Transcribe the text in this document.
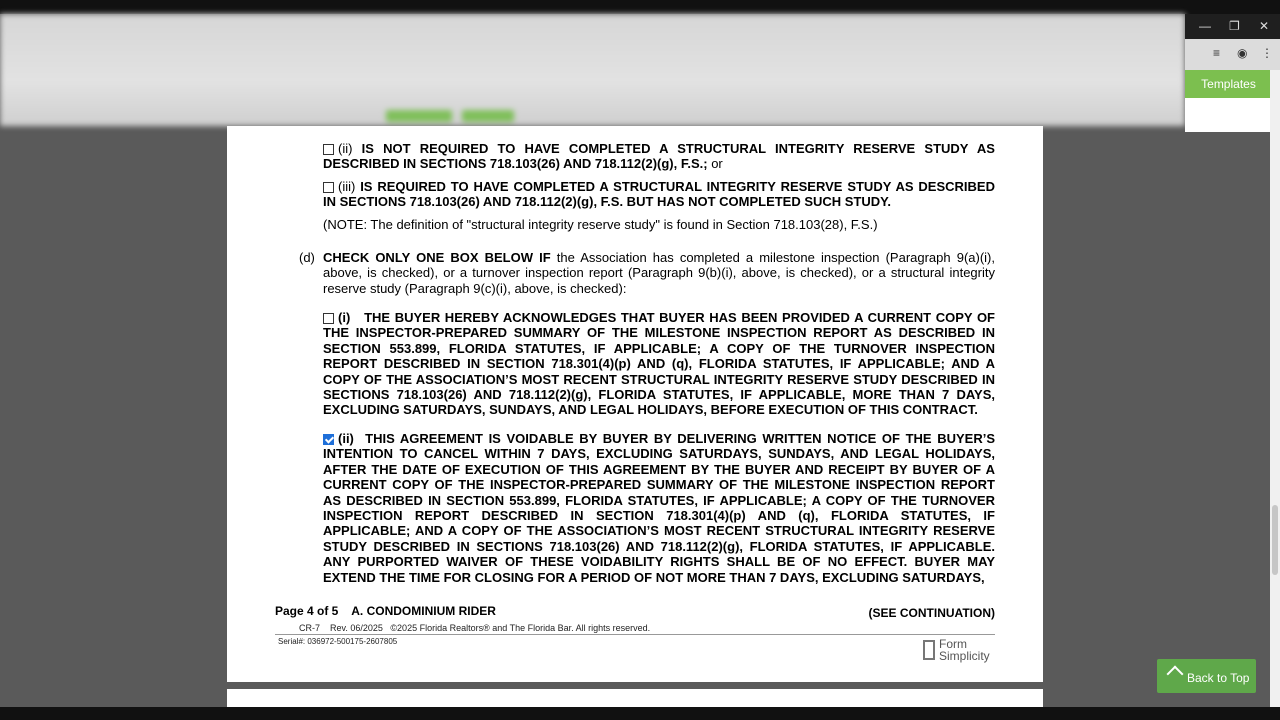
— ❐ ✕
≡ ◉ ⋮
Templates
(ii) IS NOT REQUIRED TO HAVE COMPLETED A STRUCTURAL INTEGRITY RESERVE STUDY AS DESCRIBED IN SECTIONS 718.103(26) AND 718.112(2)(g), F.S.; or
(iii) IS REQUIRED TO HAVE COMPLETED A STRUCTURAL INTEGRITY RESERVE STUDY AS DESCRIBED IN SECTIONS 718.103(26) AND 718.112(2)(g), F.S. BUT HAS NOT COMPLETED SUCH STUDY.
(NOTE: The definition of "structural integrity reserve study" is found in Section 718.103(28), F.S.)
(d) CHECK ONLY ONE BOX BELOW IF the Association has completed a milestone inspection (Paragraph 9(a)(i), above, is checked), or a turnover inspection report (Paragraph 9(b)(i), above, is checked), or a structural integrity reserve study (Paragraph 9(c)(i), above, is checked):
(i) THE BUYER HEREBY ACKNOWLEDGES THAT BUYER HAS BEEN PROVIDED A CURRENT COPY OF THE INSPECTOR-PREPARED SUMMARY OF THE MILESTONE INSPECTION REPORT AS DESCRIBED IN SECTION 553.899, FLORIDA STATUTES, IF APPLICABLE; A COPY OF THE TURNOVER INSPECTION REPORT DESCRIBED IN SECTION 718.301(4)(p) AND (q), FLORIDA STATUTES, IF APPLICABLE; AND A COPY OF THE ASSOCIATION’S MOST RECENT STRUCTURAL INTEGRITY RESERVE STUDY DESCRIBED IN SECTIONS 718.103(26) AND 718.112(2)(g), FLORIDA STATUTES, IF APPLICABLE, MORE THAN 7 DAYS, EXCLUDING SATURDAYS, SUNDAYS, AND LEGAL HOLIDAYS, BEFORE EXECUTION OF THIS CONTRACT.
(ii) THIS AGREEMENT IS VOIDABLE BY BUYER BY DELIVERING WRITTEN NOTICE OF THE BUYER’S INTENTION TO CANCEL WITHIN 7 DAYS, EXCLUDING SATURDAYS, SUNDAYS, AND LEGAL HOLIDAYS, AFTER THE DATE OF EXECUTION OF THIS AGREEMENT BY THE BUYER AND RECEIPT BY BUYER OF A CURRENT COPY OF THE INSPECTOR-PREPARED SUMMARY OF THE MILESTONE INSPECTION REPORT AS DESCRIBED IN SECTION 553.899, FLORIDA STATUTES, IF APPLICABLE; A COPY OF THE TURNOVER INSPECTION REPORT DESCRIBED IN SECTION 718.301(4)(p) AND (q), FLORIDA STATUTES, IF APPLICABLE; AND A COPY OF THE ASSOCIATION’S MOST RECENT STRUCTURAL INTEGRITY RESERVE STUDY DESCRIBED IN SECTIONS 718.103(26) AND 718.112(2)(g), FLORIDA STATUTES, IF APPLICABLE. ANY PURPORTED WAIVER OF THESE VOIDABILITY RIGHTS SHALL BE OF NO EFFECT. BUYER MAY EXTEND THE TIME FOR CLOSING FOR A PERIOD OF NOT MORE THAN 7 DAYS, EXCLUDING SATURDAYS,
Page 4 of 5 A. CONDOMINIUM RIDER	(SEE CONTINUATION)
CR-7 Rev. 06/2025 ©2025 Florida Realtors® and The Florida Bar. All rights reserved.
Serial#: 036972-500175-2607805	Form
Simplicity
Back to Top
